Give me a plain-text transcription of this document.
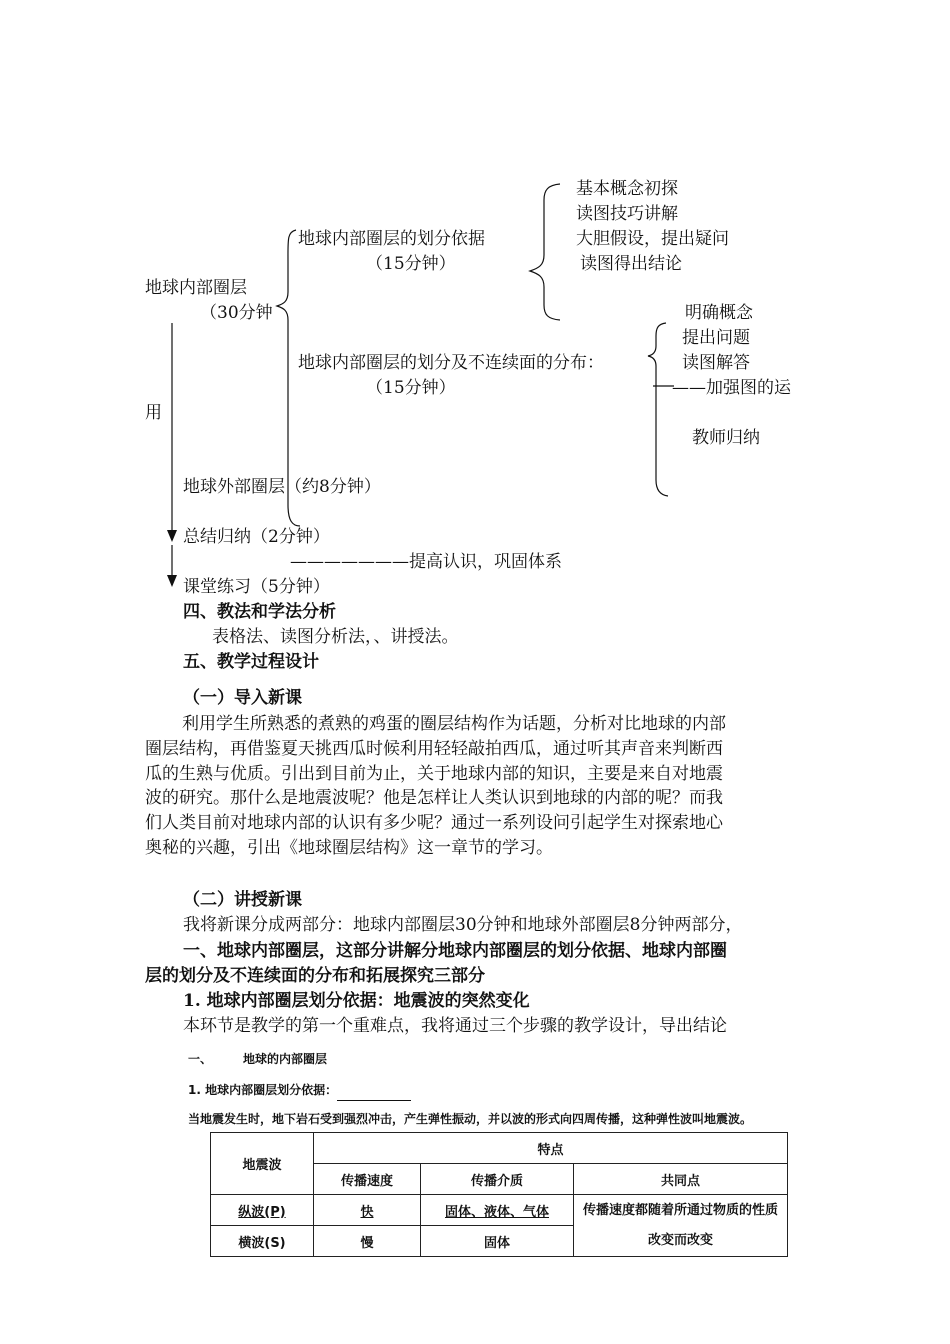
地球内部圈层
（30分钟
用
地球内部圈层的划分依据
（15分钟）
基本概念初探
读图技巧讲解
大胆假设，提出疑问
读图得出结论
地球内部圈层的划分及不连续面的分布：
（15分钟）
明确概念
提出问题
读图解答
——加强图的运
教师归纳
地球外部圈层（约8分钟）
总结归纳（2分钟）
———————提高认识，巩固体系
课堂练习（5分钟）
四、教法和学法分析
表格法、读图分析法，、讲授法。
五、教学过程设计
（一）导入新课

利用学生所熟悉的煮熟的鸡蛋的圈层结构作为话题，分析对比地球的内部

圈层结构，再借鉴夏天挑西瓜时候利用轻轻敲拍西瓜，通过听其声音来判断西

瓜的生熟与优质。引出到目前为止，关于地球内部的知识，主要是来自对地震

波的研究。那什么是地震波呢？他是怎样让人类认识到地球的内部的呢？而我

们人类目前对地球内部的认识有多少呢？通过一系列设问引起学生对探索地心

奥秘的兴趣，引出《地球圈层结构》这一章节的学习。

（二）讲授新课
我将新课分成两部分：地球内部圈层30分钟和地球外部圈层8分钟两部分，
一、地球内部圈层，这部分讲解分地球内部圈层的划分依据、地球内部圈
层的划分及不连续面的分布和拓展探究三部分
1. 地球内部圈层划分依据：地震波的突然变化
本环节是教学的第一个重难点，我将通过三个步骤的教学设计，导出结论
一、	地球的内部圈层
1. 地球内部圈层划分依据：
当地震发生时，地下岩石受到强烈冲击，产生弹性振动，并以波的形式向四周传播，这种弹性波叫地震波。
地震波	特点		
	传播速度	传播介质	共同点
纵波(P)	快	固体、液体、气体	传播速度都随着所通过物质的性质
改变而改变

横波(S)	慢	固体	
